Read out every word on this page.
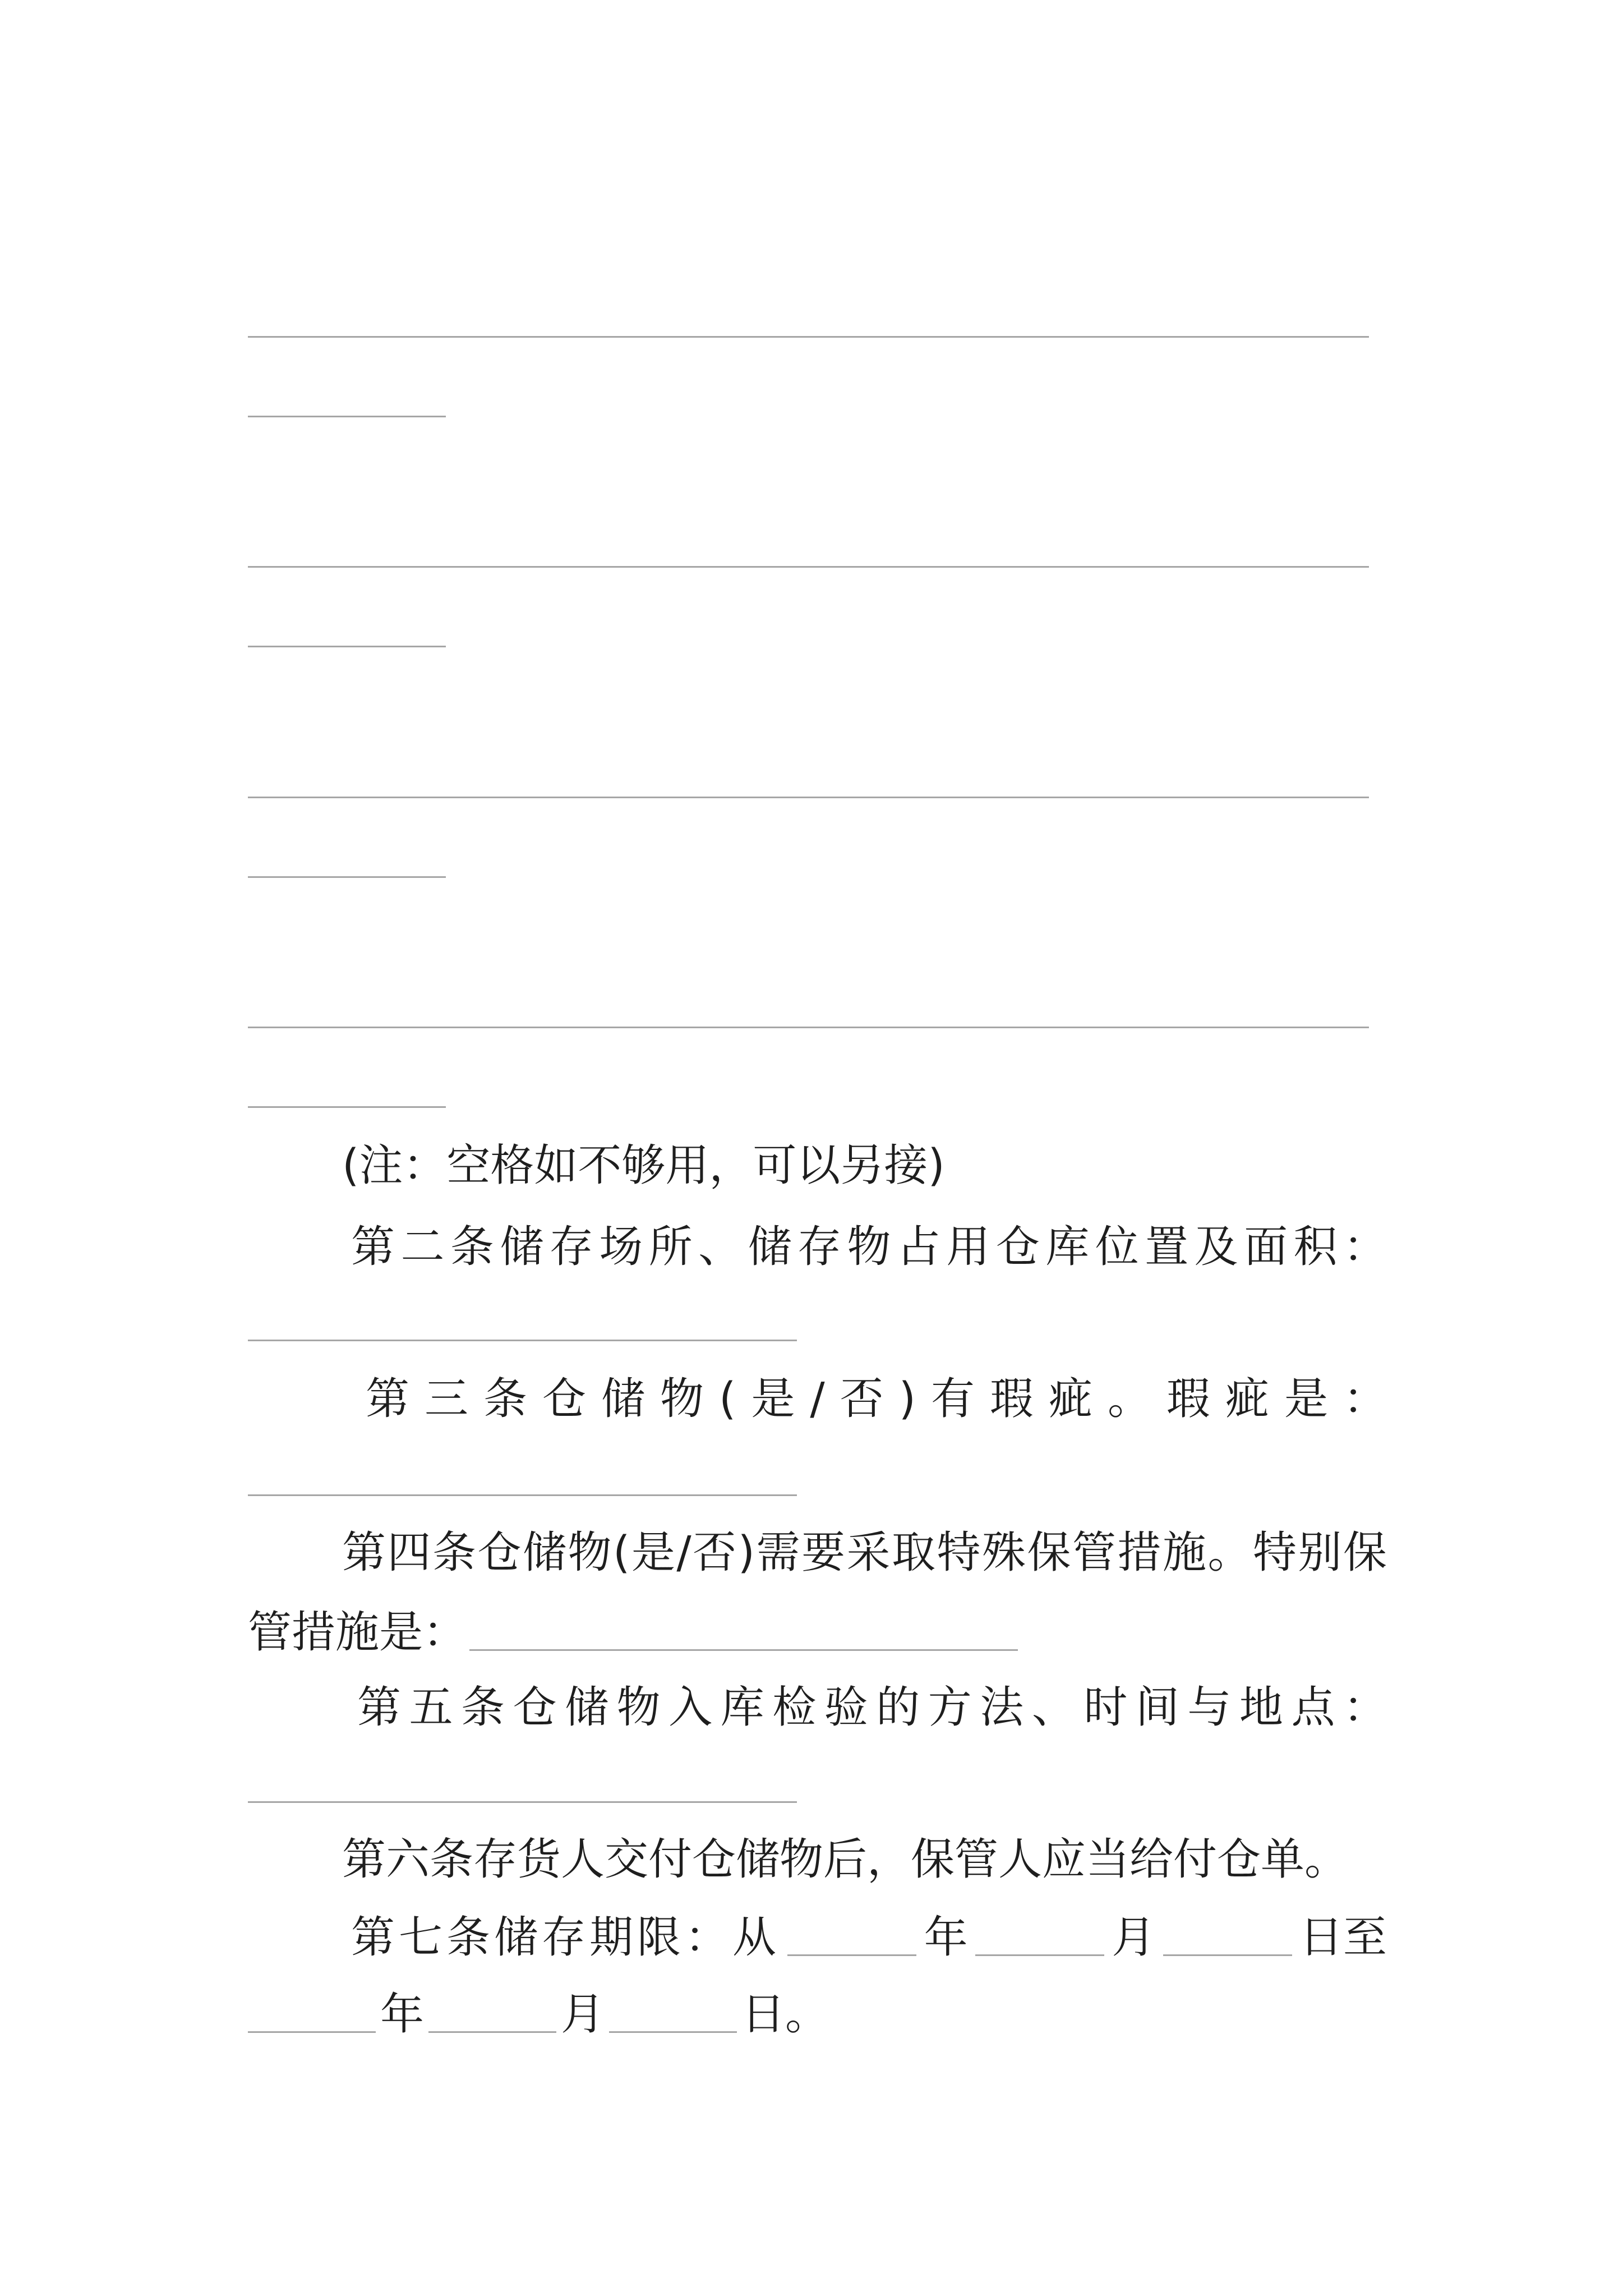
(注：空格如不够用，可以另接)
第二条储存场所、储存物占用仓库位置及面积：
第三条仓储物(是/否)有瑕疵。瑕疵是：
第四条仓储物(是/否)需要采取特殊保管措施。特别保
管措施是：
第五条仓储物入库检验的方法、时间与地点：
第六条存货人交付仓储物后，保管人应当给付仓单。
第七条储存期限：从	年	月	日至
年	月	日。
